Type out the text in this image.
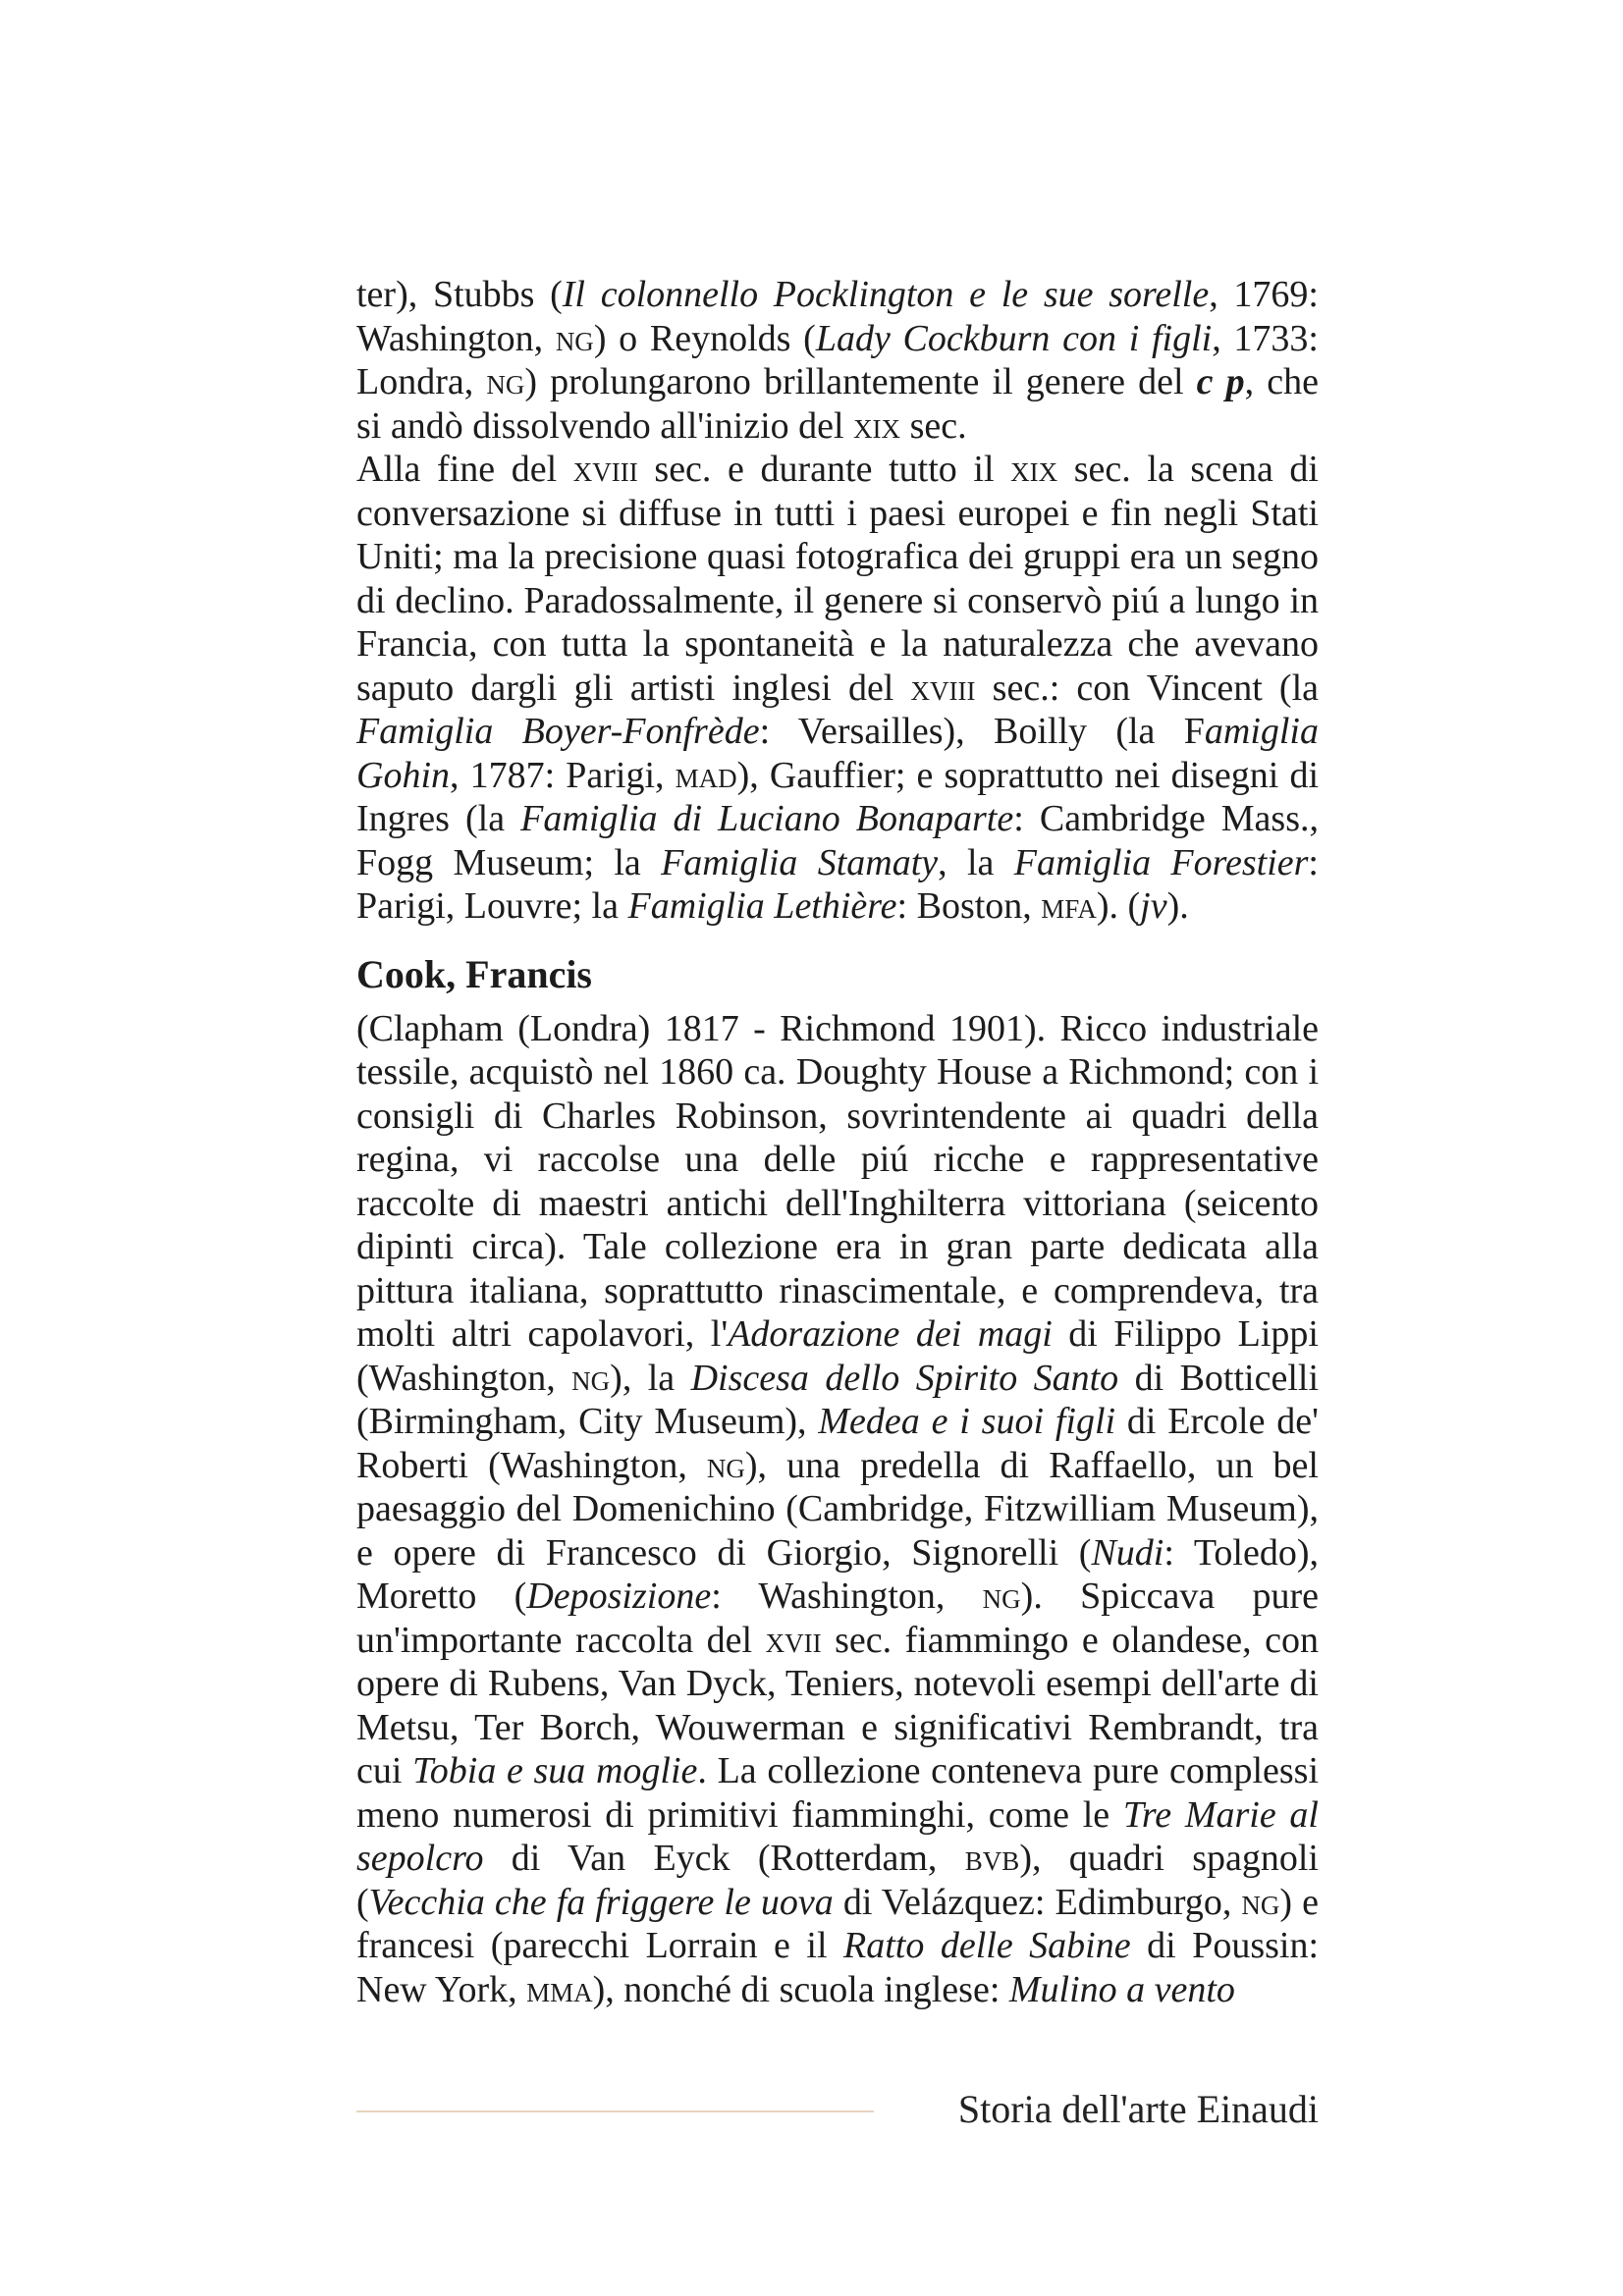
ter), Stubbs (Il colonnello Pocklington e le sue sorelle, 1769: Washington, ng) o Reynolds (Lady Cockburn con i figli, 1733: Londra, ng) prolungarono brillantemente il genere del c p, che si andò dissolvendo all'inizio del xix sec.

Alla fine del xviii sec. e durante tutto il xix sec. la scena di conversazione si diffuse in tutti i paesi europei e fin negli Stati Uniti; ma la precisione quasi fotografica dei gruppi era un segno di declino. Paradossalmente, il genere si conservò piú a lungo in Francia, con tutta la spontaneità e la naturalezza che avevano saputo dargli gli artisti inglesi del xviii sec.: con Vincent (la Famiglia Boyer-Fonfrède: Versailles), Boilly (la Famiglia Gohin, 1787: Parigi, mad), Gauffier; e soprattutto nei disegni di Ingres (la Famiglia di Luciano Bonaparte: Cambridge Mass., Fogg Museum; la Famiglia Stamaty, la Famiglia Forestier: Parigi, Louvre; la Famiglia Lethière: Boston, mfa). (jv).

Cook, Francis

(Clapham (Londra) 1817 - Richmond 1901). Ricco industriale tessile, acquistò nel 1860 ca. Doughty House a Richmond; con i consigli di Charles Robinson, sovrintendente ai quadri della regina, vi raccolse una delle piú ricche e rappresentative raccolte di maestri antichi dell'Inghilterra vittoriana (seicento dipinti circa). Tale collezione era in gran parte dedicata alla pittura italiana, soprattutto rinascimentale, e comprendeva, tra molti altri capolavori, l'Adorazione dei magi di Filippo Lippi (Washington, ng), la Discesa dello Spirito Santo di Botticelli (Birmingham, City Museum), Medea e i suoi figli di Ercole de' Roberti (Washington, ng), una predella di Raffaello, un bel paesaggio del Domenichino (Cambridge, Fitzwilliam Museum), e opere di Francesco di Giorgio, Signorelli (Nudi: Toledo), Moretto (Deposizione: Washington, ng). Spiccava pure un'importante raccolta del xvii sec. fiammingo e olandese, con opere di Rubens, Van Dyck, Teniers, notevoli esempi dell'arte di Metsu, Ter Borch, Wouwerman e significativi Rembrandt, tra cui Tobia e sua moglie. La collezione conteneva pure complessi meno numerosi di primitivi fiamminghi, come le Tre Marie al sepolcro di Van Eyck (Rotterdam, bvb), quadri spagnoli (Vecchia che fa friggere le uova di Velázquez: Edimburgo, ng) e francesi (parecchi Lorrain e il Ratto delle Sabine di Poussin: New York, mma), nonché di scuola inglese: Mulino a vento

Storia dell'arte Einaudi
